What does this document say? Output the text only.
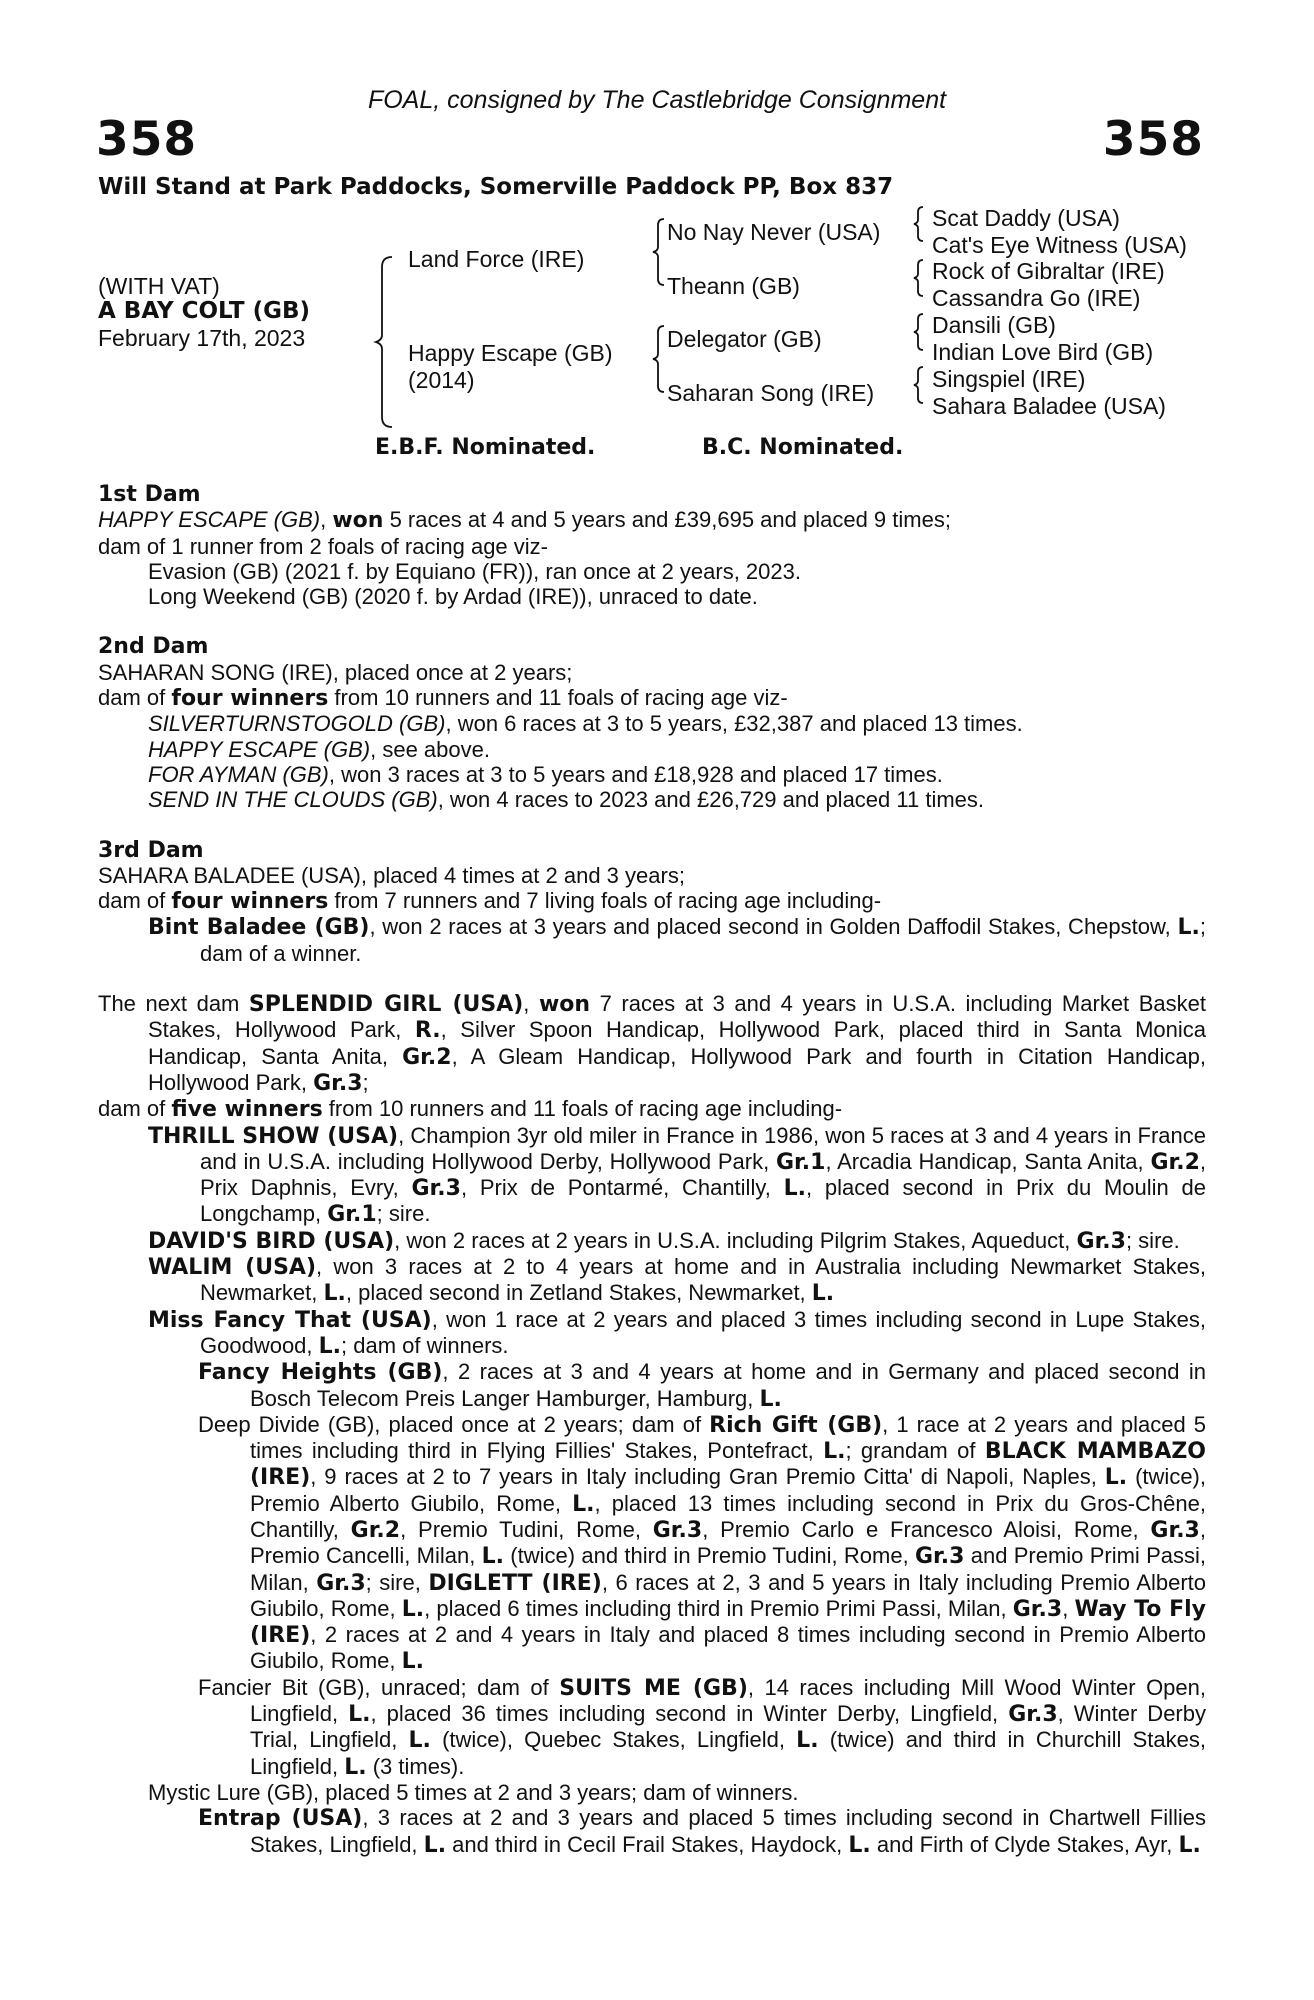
FOAL, consigned by The Castlebridge Consignment
358	358
Will Stand at Park Paddocks, Somerville Paddock PP, Box 837
(WITH VAT)
A BAY COLT (GB)
February 17th, 2023
Land Force (IRE)
Happy Escape (GB)
(2014)
No Nay Never (USA)
Theann (GB)
Delegator (GB)
Saharan Song (IRE)
Scat Daddy (USA)
Cat's Eye Witness (USA)
Rock of Gibraltar (IRE)
Cassandra Go (IRE)
Dansili (GB)
Indian Love Bird (GB)
Singspiel (IRE)
Sahara Baladee (USA)
E.B.F. Nominated.	B.C. Nominated.

1st Dam

HAPPY ESCAPE (GB), won 5 races at 4 and 5 years and £39,695 and placed 9 times;

dam of 1 runner from 2 foals of racing age viz-

Evasion (GB) (2021 f. by Equiano (FR)), ran once at 2 years, 2023.

Long Weekend (GB) (2020 f. by Ardad (IRE)), unraced to date.

2nd Dam

SAHARAN SONG (IRE), placed once at 2 years;

dam of four winners from 10 runners and 11 foals of racing age viz-

SILVERTURNSTOGOLD (GB), won 6 races at 3 to 5 years, £32,387 and placed 13 times.

HAPPY ESCAPE (GB), see above.

FOR AYMAN (GB), won 3 races at 3 to 5 years and £18,928 and placed 17 times.

SEND IN THE CLOUDS (GB), won 4 races to 2023 and £26,729 and placed 11 times.

3rd Dam

SAHARA BALADEE (USA), placed 4 times at 2 and 3 years;

dam of four winners from 7 runners and 7 living foals of racing age including-

Bint Baladee (GB), won 2 races at 3 years and placed second in Golden Daffodil Stakes, Chepstow, L.; dam of a winner.

The next dam SPLENDID GIRL (USA), won 7 races at 3 and 4 years in U.S.A. including Market Basket Stakes, Hollywood Park, R., Silver Spoon Handicap, Hollywood Park, placed third in Santa Monica Handicap, Santa Anita, Gr.2, A Gleam Handicap, Hollywood Park and fourth in Citation Handicap, Hollywood Park, Gr.3;

dam of five winners from 10 runners and 11 foals of racing age including-

THRILL SHOW (USA), Champion 3yr old miler in France in 1986, won 5 races at 3 and 4 years in France and in U.S.A. including Hollywood Derby, Hollywood Park, Gr.1, Arcadia Handicap, Santa Anita, Gr.2, Prix Daphnis, Evry, Gr.3, Prix de Pontarmé, Chantilly, L., placed second in Prix du Moulin de Longchamp, Gr.1; sire.

DAVID'S BIRD (USA), won 2 races at 2 years in U.S.A. including Pilgrim Stakes, Aqueduct, Gr.3; sire.

WALIM (USA), won 3 races at 2 to 4 years at home and in Australia including Newmarket Stakes, Newmarket, L., placed second in Zetland Stakes, Newmarket, L.

Miss Fancy That (USA), won 1 race at 2 years and placed 3 times including second in Lupe Stakes, Goodwood, L.; dam of winners.

Fancy Heights (GB), 2 races at 3 and 4 years at home and in Germany and placed second in Bosch Telecom Preis Langer Hamburger, Hamburg, L.

Deep Divide (GB), placed once at 2 years; dam of Rich Gift (GB), 1 race at 2 years and placed 5 times including third in Flying Fillies' Stakes, Pontefract, L.; grandam of BLACK MAMBAZO (IRE), 9 races at 2 to 7 years in Italy including Gran Premio Citta' di Napoli, Naples, L. (twice), Premio Alberto Giubilo, Rome, L., placed 13 times including second in Prix du Gros-Chêne, Chantilly, Gr.2, Premio Tudini, Rome, Gr.3, Premio Carlo e Francesco Aloisi, Rome, Gr.3, Premio Cancelli, Milan, L. (twice) and third in Premio Tudini, Rome, Gr.3 and Premio Primi Passi, Milan, Gr.3; sire, DIGLETT (IRE), 6 races at 2, 3 and 5 years in Italy including Premio Alberto Giubilo, Rome, L., placed 6 times including third in Premio Primi Passi, Milan, Gr.3, Way To Fly (IRE), 2 races at 2 and 4 years in Italy and placed 8 times including second in Premio Alberto Giubilo, Rome, L.

Fancier Bit (GB), unraced; dam of SUITS ME (GB), 14 races including Mill Wood Winter Open, Lingfield, L., placed 36 times including second in Winter Derby, Lingfield, Gr.3, Winter Derby Trial, Lingfield, L. (twice), Quebec Stakes, Lingfield, L. (twice) and third in Churchill Stakes, Lingfield, L. (3 times).

Mystic Lure (GB), placed 5 times at 2 and 3 years; dam of winners.

Entrap (USA), 3 races at 2 and 3 years and placed 5 times including second in Chartwell Fillies Stakes, Lingfield, L. and third in Cecil Frail Stakes, Haydock, L. and Firth of Clyde Stakes, Ayr, L.
